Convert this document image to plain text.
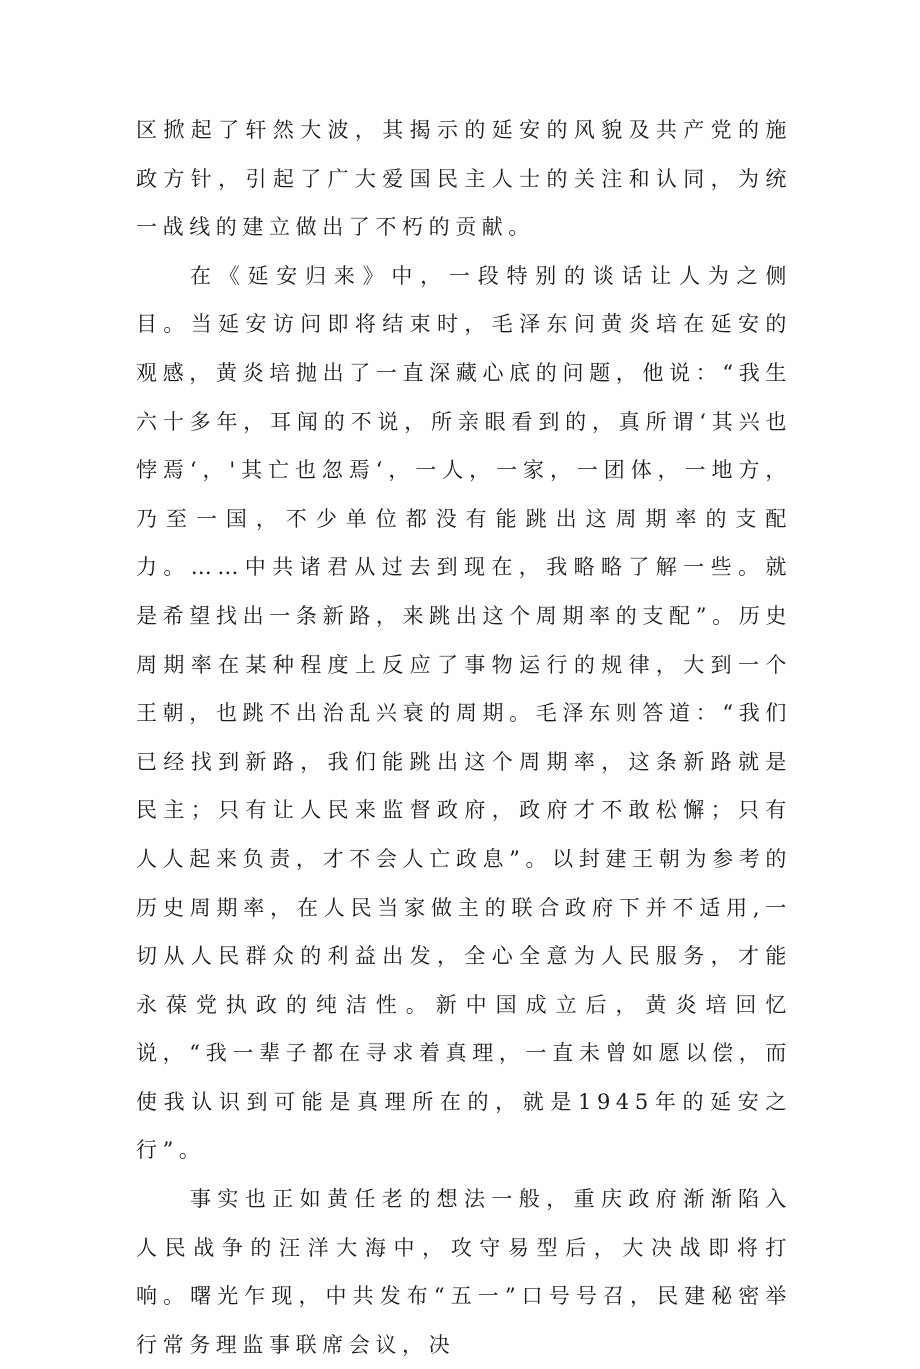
区掀起了轩然大波，其揭示的延安的风貌及共产党的施政方针，引起了广大爱国民主人士的关注和认同，为统一战线的建立做出了不朽的贡献。

在《延安归来》中，一段特别的谈话让人为之侧目。当延安访问即将结束时，毛泽东问黄炎培在延安的观感，黄炎培抛出了一直深藏心底的问题，他说：“我生六十多年，耳闻的不说，所亲眼看到的，真所谓‘其兴也悖焉‘，'其亡也忽焉‘，一人，一家，一团体，一地方，乃至一国，不少单位都没有能跳出这周期率的支配力。……中共诸君从过去到现在，我略略了解一些。就是希望找出一条新路，来跳出这个周期率的支配”。历史周期率在某种程度上反应了事物运行的规律，大到一个王朝，也跳不出治乱兴衰的周期。毛泽东则答道：“我们已经找到新路，我们能跳出这个周期率，这条新路就是民主；只有让人民来监督政府，政府才不敢松懈；只有人人起来负责，才不会人亡政息”。以封建王朝为参考的历史周期率，在人民当家做主的联合政府下并不适用,一切从人民群众的利益出发，全心全意为人民服务，才能永葆党执政的纯洁性。新中国成立后，黄炎培回忆说，“我一辈子都在寻求着真理，一直未曾如愿以偿，而使我认识到可能是真理所在的，就是1945年的延安之行”。

事实也正如黄任老的想法一般，重庆政府渐渐陷入人民战争的汪洋大海中，攻守易型后，大决战即将打响。曙光乍现，中共发布“五一”口号号召，民建秘密举行常务理监事联席会议，决
